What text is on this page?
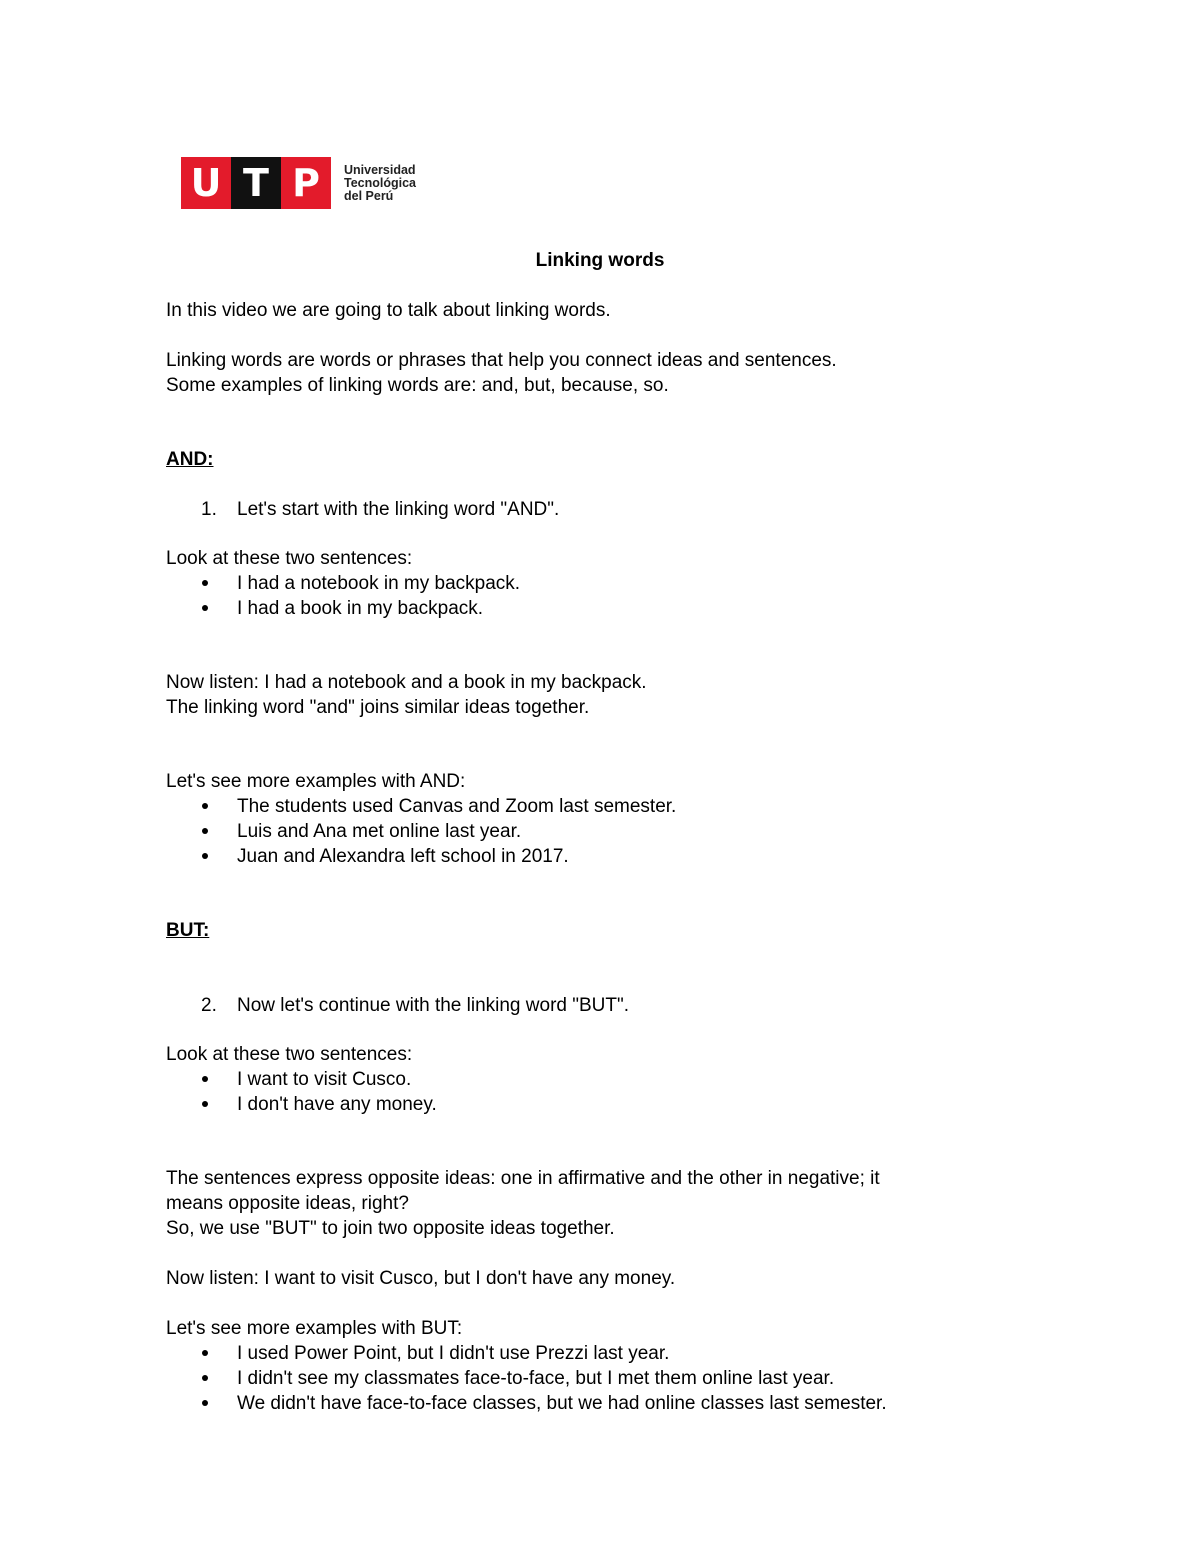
U T P	Universidad
Tecnológica
del Perú
Linking words
In this video we are going to talk about linking words.
Linking words are words or phrases that help you connect ideas and sentences.
Some examples of linking words are: and, but, because, so.
AND:
1. Let's start with the linking word "AND".
Look at these two sentences:
I had a notebook in my backpack.
I had a book in my backpack.
Now listen: I had a notebook and a book in my backpack.
The linking word "and" joins similar ideas together.
Let's see more examples with AND:
The students used Canvas and Zoom last semester.
Luis and Ana met online last year.
Juan and Alexandra left school in 2017.
BUT:
2. Now let's continue with the linking word "BUT".
Look at these two sentences:
I want to visit Cusco.
I don't have any money.
The sentences express opposite ideas: one in affirmative and the other in negative; it
means opposite ideas, right?
So, we use "BUT" to join two opposite ideas together.
Now listen: I want to visit Cusco, but I don't have any money.
Let's see more examples with BUT:
I used Power Point, but I didn't use Prezzi last year.
I didn't see my classmates face-to-face, but I met them online last year.
We didn't have face-to-face classes, but we had online classes last semester.
